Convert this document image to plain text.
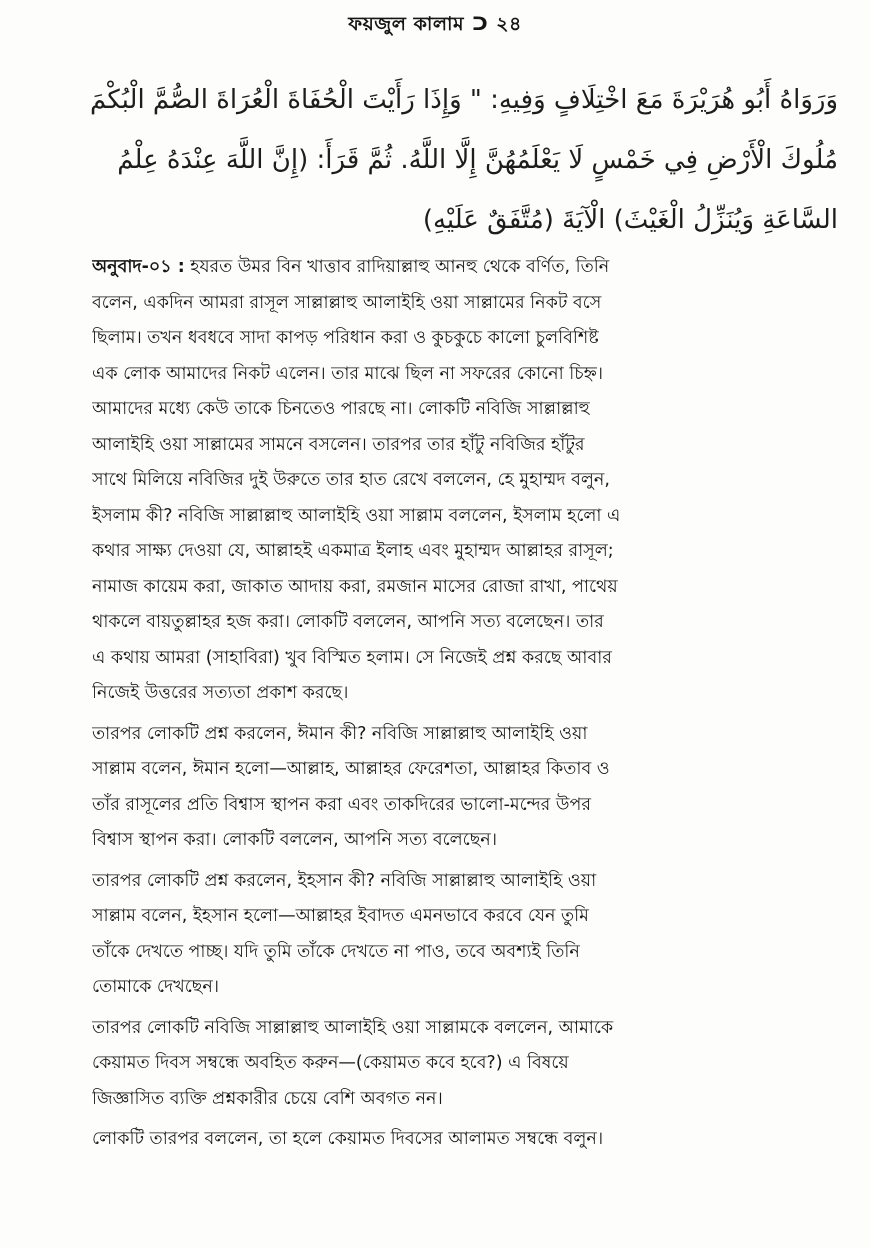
ফয়জুল কালাম ᑐ ২৪
وَرَوَاهُ أَبُو هُرَيْرَةَ مَعَ اخْتِلَافٍ وَفِيهِ: " وَإِذَا رَأَيْتَ الْحُفَاةَ الْعُرَاةَ الصُّمَّ الْبُكْمَ
مُلُوكَ الْأَرْضِ فِي خَمْسٍ لَا يَعْلَمُهُنَّ إِلَّا اللَّهُ. ثُمَّ قَرَأَ: (إِنَّ اللَّهَ عِنْدَهُ عِلْمُ
السَّاعَةِ وَيُنَزِّلُ الْغَيْثَ) الْآيَةَ (مُتَّفَقٌ عَلَيْهِ)
অনুবাদ-০১ : হযরত উমর বিন খাত্তাব রাদিয়াল্লাহু আনহু থেকে বর্ণিত, তিনি
বলেন, একদিন আমরা রাসূল সাল্লাল্লাহু আলাইহি ওয়া সাল্লামের নিকট বসে
ছিলাম। তখন ধবধবে সাদা কাপড় পরিধান করা ও কুচকুচে কালো চুলবিশিষ্ট
এক লোক আমাদের নিকট এলেন। তার মাঝে ছিল না সফরের কোনো চিহ্ন।
আমাদের মধ্যে কেউ তাকে চিনতেও পারছে না। লোকটি নবিজি সাল্লাল্লাহু
আলাইহি ওয়া সাল্লামের সামনে বসলেন। তারপর তার হাঁটু নবিজির হাঁটুর
সাথে মিলিয়ে নবিজির দুই উরুতে তার হাত রেখে বললেন, হে মুহাম্মদ বলুন,
ইসলাম কী? নবিজি সাল্লাল্লাহু আলাইহি ওয়া সাল্লাম বললেন, ইসলাম হলো এ
কথার সাক্ষ্য দেওয়া যে, আল্লাহই একমাত্র ইলাহ এবং মুহাম্মদ আল্লাহর রাসূল;
নামাজ কায়েম করা, জাকাত আদায় করা, রমজান মাসের রোজা রাখা, পাথেয়
থাকলে বায়তুল্লাহর হজ করা। লোকটি বললেন, আপনি সত্য বলেছেন। তার
এ কথায় আমরা (সাহাবিরা) খুব বিস্মিত হলাম। সে নিজেই প্রশ্ন করছে আবার
নিজেই উত্তরের সত্যতা প্রকাশ করছে।
তারপর লোকটি প্রশ্ন করলেন, ঈমান কী? নবিজি সাল্লাল্লাহু আলাইহি ওয়া
সাল্লাম বলেন, ঈমান হলো—আল্লাহ, আল্লাহর ফেরেশতা, আল্লাহর কিতাব ও
তাঁর রাসূলের প্রতি বিশ্বাস স্থাপন করা এবং তাকদিরের ভালো-মন্দের উপর
বিশ্বাস স্থাপন করা। লোকটি বললেন, আপনি সত্য বলেছেন।
তারপর লোকটি প্রশ্ন করলেন, ইহসান কী? নবিজি সাল্লাল্লাহু আলাইহি ওয়া
সাল্লাম বলেন, ইহসান হলো—আল্লাহর ইবাদত এমনভাবে করবে যেন তুমি
তাঁকে দেখতে পাচ্ছ। যদি তুমি তাঁকে দেখতে না পাও, তবে অবশ্যই তিনি
তোমাকে দেখছেন।
তারপর লোকটি নবিজি সাল্লাল্লাহু আলাইহি ওয়া সাল্লামকে বললেন, আমাকে
কেয়ামত দিবস সম্বন্ধে অবহিত করুন—(কেয়ামত কবে হবে?) এ বিষয়ে
জিজ্ঞাসিত ব্যক্তি প্রশ্নকারীর চেয়ে বেশি অবগত নন।
লোকটি তারপর বললেন, তা হলে কেয়ামত দিবসের আলামত সম্বন্ধে বলুন।
